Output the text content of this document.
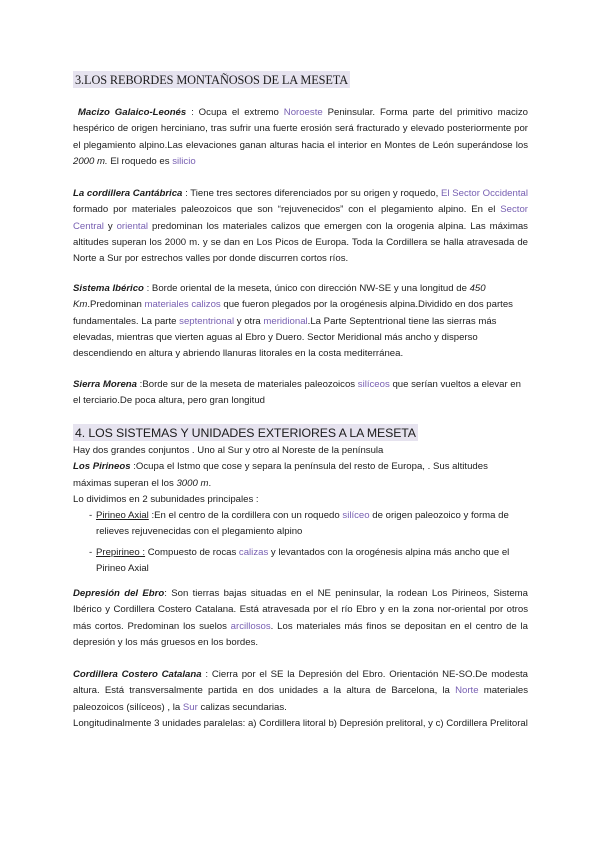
3.LOS REBORDES MONTAÑOSOS DE LA MESETA

Macizo Galaico-Leonés : Ocupa el extremo Noroeste Peninsular. Forma parte del primitivo macizo hespérico de origen herciniano, tras sufrir una fuerte erosión será fracturado y elevado posteriormente por el plegamiento alpino.Las elevaciones ganan alturas hacia el interior en Montes de León superándose los 2000 m. El roquedo es silicio

La cordillera Cantábrica : Tiene tres sectores diferenciados por su origen y roquedo, El Sector Occidental formado por materiales paleozoicos que son “rejuvenecidos” con el plegamiento alpino. En el Sector Central y oriental predominan los materiales calizos que emergen con la orogenia alpina. Las máximas altitudes superan los 2000 m. y se dan en Los Picos de Europa. Toda la Cordillera se halla atravesada de Norte a Sur por estrechos valles por donde discurren cortos ríos.

Sistema Ibérico : Borde oriental de la meseta, único con dirección NW-SE y una longitud de 450 Km.Predominan materiales calizos que fueron plegados por la orogénesis alpina.Dividido en dos partes fundamentales. La parte septentrional y otra meridional.La Parte Septentrional tiene las sierras más elevadas, mientras que vierten aguas al Ebro y Duero. Sector Meridional más ancho y disperso descendiendo en altura y abriendo llanuras litorales en la costa mediterránea.

Sierra Morena :Borde sur de la meseta de materiales paleozoicos silíceos que serían vueltos a elevar en el terciario.De poca altura, pero gran longitud

4. LOS SISTEMAS Y UNIDADES EXTERIORES A LA MESETA
Hay dos grandes conjuntos . Uno al Sur y otro al Noreste de la península
Los Pirineos :Ocupa el Istmo que cose y separa la península del resto de Europa, . Sus altitudes máximas superan el los 3000 m.
Lo dividimos en 2 subunidades principales :
- Pirineo Axial :En el centro de la cordillera con un roquedo silíceo de origen paleozoico y forma de relieves rejuvenecidas con el plegamiento alpino
- Prepirineo : Compuesto de rocas calizas y levantados con la orogénesis alpina más ancho que el Pirineo Axial

Depresión del Ebro: Son tierras bajas situadas en el NE peninsular, la rodean Los Pirineos, Sistema Ibérico y Cordillera Costero Catalana. Está atravesada por el río Ebro y en la zona nor-oriental por otros más cortos. Predominan los suelos arcillosos. Los materiales más finos se depositan en el centro de la depresión y los más gruesos en los bordes.

Cordillera Costero Catalana : Cierra por el SE la Depresión del Ebro. Orientación NE-SO.De modesta altura. Está transversalmente partida en dos unidades a la altura de Barcelona, la Norte materiales paleozoicos (silíceos) , la Sur calizas secundarias.
Longitudinalmente 3 unidades paralelas: a) Cordillera litoral b) Depresión prelitoral, y c) Cordillera Prelitoral
